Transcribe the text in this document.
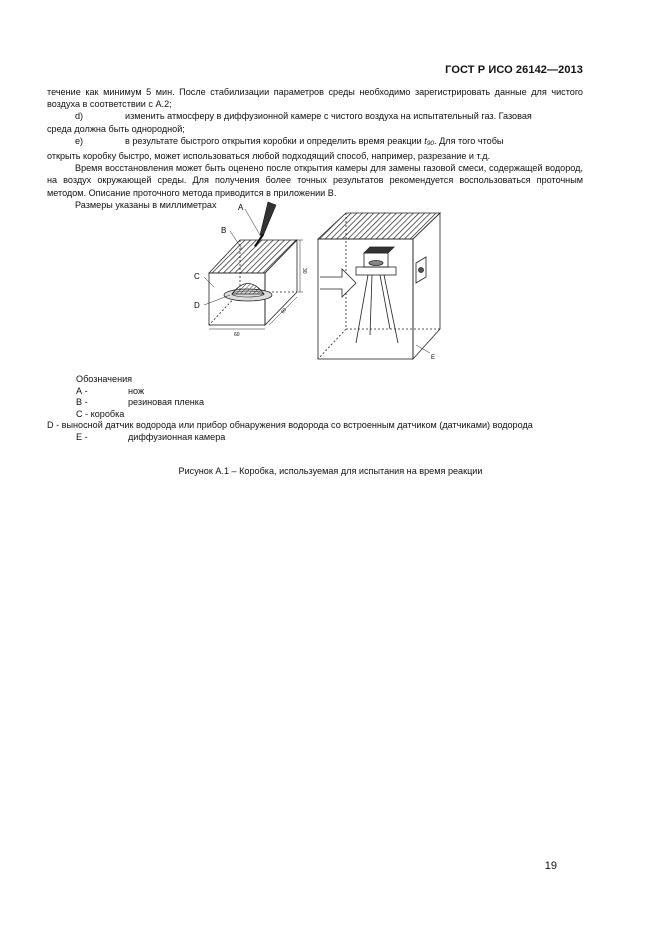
ГОСТ Р ИСО 26142—2013

течение как минимум 5 мин. После стабилизации параметров среды необходимо зарегистрировать данные для чистого воздуха в соответствии с А.2;

d)	изменить атмосферу в диффузионной камере с чистого воздуха на испытательный газ. Газовая

среда должна быть однородной;

e)	в результате быстрого открытия коробки и определить время реакции t90. Для того чтобы

открыть коробку быстро, может использоваться любой подходящий способ, например, разрезание и т.д.

Время восстановления может быть оценено после открытия камеры для замены газовой смеси, содержащей водород, на воздух окружающей среды. Для получения более точных результатов рекомендуется воспользоваться проточным методом. Описание проточного метода приводится в приложении В.

Размеры указаны в миллиметрах	A
B
C
D
30
60
60
E
Обозначения
А -	нож
В -	резиновая пленка
С - коробка
D - выносной датчик водорода или прибор обнаружения водорода со встроенным датчиком (датчиками) водорода
Е -	диффузионная камера
Рисунок А.1 – Коробка, используемая для испытания на время реакции
19
